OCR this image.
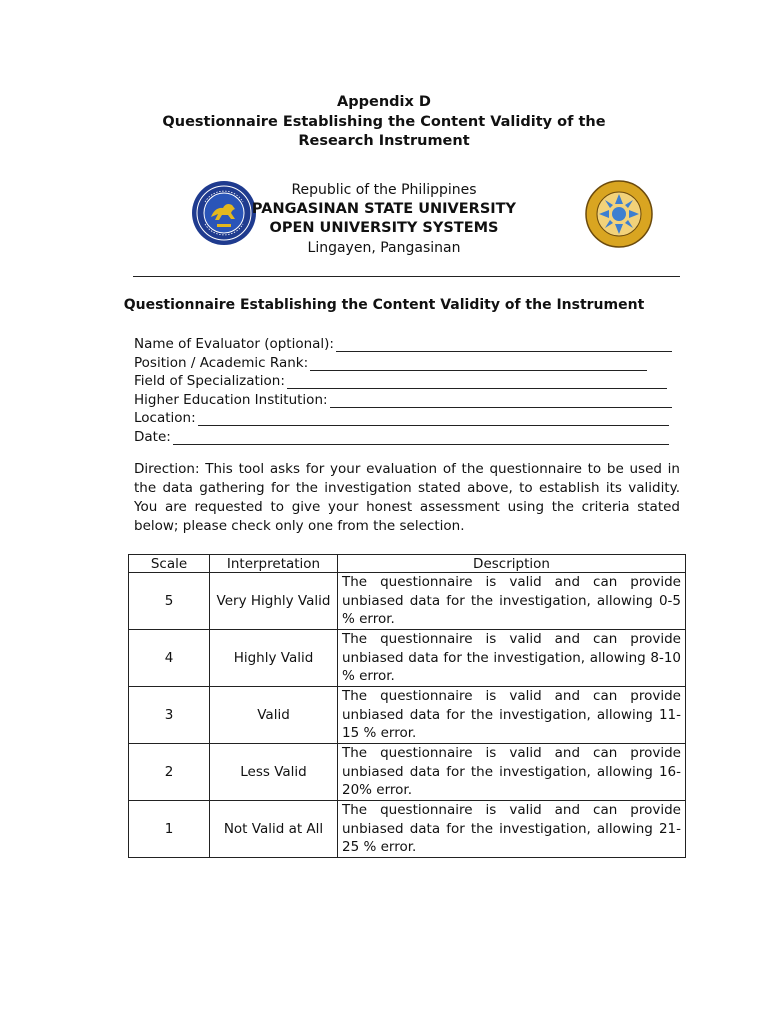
Appendix D
Questionnaire Establishing the Content Validity of the Research Instrument
Republic of the Philippines
PANGASINAN STATE UNIVERSITY
OPEN UNIVERSITY SYSTEMS
Lingayen, Pangasinan
Questionnaire Establishing the Content Validity of the Instrument
Name of Evaluator (optional):
Position / Academic Rank:
Field of Specialization:
Higher Education Institution:
Location:
Date:
Direction: This tool asks for your evaluation of the questionnaire to be used in the data gathering for the investigation stated above, to establish its validity. You are requested to give your honest assessment using the criteria stated below; please check only one from the selection.
Scale	Interpretation	Description
5	Very Highly Valid	The questionnaire is valid and can provide unbiased data for the investigation, allowing 0-5 % error.
4	Highly Valid	The questionnaire is valid and can provide unbiased data for the investigation, allowing 8-10 % error.
3	Valid	The questionnaire is valid and can provide unbiased data for the investigation, allowing 11-15 % error.
2	Less Valid	The questionnaire is valid and can provide unbiased data for the investigation, allowing 16-20% error.
1	Not Valid at All	The questionnaire is valid and can provide unbiased data for the investigation, allowing 21-25 % error.
